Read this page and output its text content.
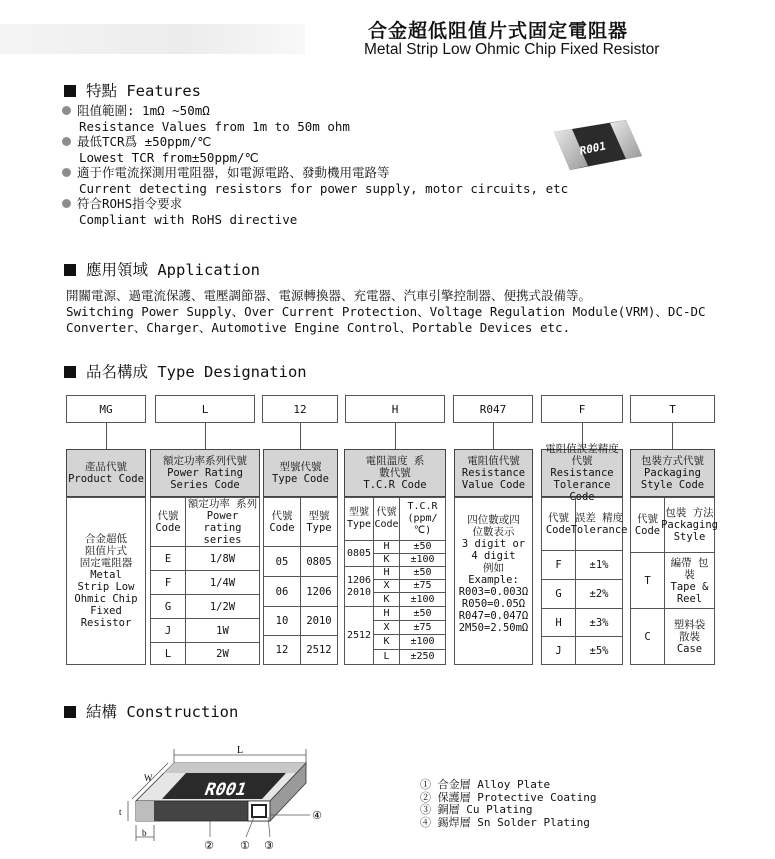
合金超低阻值片式固定電阻器
Metal Strip Low Ohmic Chip Fixed Resistor
特點 Features
阻值範圍: 1mΩ ~50mΩ
Resistance Values from 1m to 50m ohm
最低TCR爲 ±50ppm/℃
Lowest TCR from±50ppm/℃
適于作電流探測用電阻器，如電源電路、發動機用電路等
Current detecting resistors for power supply, motor circuits, etc
符合ROHS指令要求
Compliant with RoHS directive
R001
應用領域 Application
開關電源、過電流保護、電壓調節器、電源轉換器、充電器、汽車引擎控制器、便携式設備等。
Switching Power Supply、Over Current Protection、Voltage Regulation Module(VRM)、DC-DC
Converter、Charger、Automotive Engine Control、Portable Devices etc.
品名構成 Type Designation
MG	L	12	H	R047	F	T
產品代號
Product Code
額定功率系列代號
Power Rating Series Code
型號代號
Type Code
電阻溫度 系數代號
T.C.R Code
電阻值代號
Resistance Value Code
電阻值誤差精度 代號
Resistance Tolerance Code
包裝方式代號
Packaging Style Code
合金超低 阻值片式 固定電阻器
Metal Strip Low Ohmic Chip Fixed Resistor
代號 Code
額定功率 系列 Power rating series
E	1/8W
F	1/4W
G	1/2W
J	1W
L	2W
代號 Code
型號 Type
05	0805
06	1206
10	2010
12	2512
型號 Type
代號 Code
T.C.R (ppm/℃)
0805
H	±50
K	±100
1206 2010
H	±50
X	±75
K	±100
2512
H	±50
X	±75
K	±100
L	±250
四位數或四
位數表示
3 digit or
4 digit
例如
Example:
R003=0.003Ω
R050=0.05Ω
R047=0.047Ω
2M50=2.50mΩ
代號 Code
誤差 精度 Tolerance
F	±1%
G	±2%
H	±3%
J	±5%
代號 Code
包裝 方法 Packaging Style
T
編帶 包裝 Tape & Reel
C
塑料袋 散裝 Case
結構 Construction
L
R001
W
t
b
② ① ③
④
① 合金層 Alloy Plate
② 保護層 Protective Coating
③ 銅層 Cu Plating
④ 錫焊層 Sn Solder Plating
